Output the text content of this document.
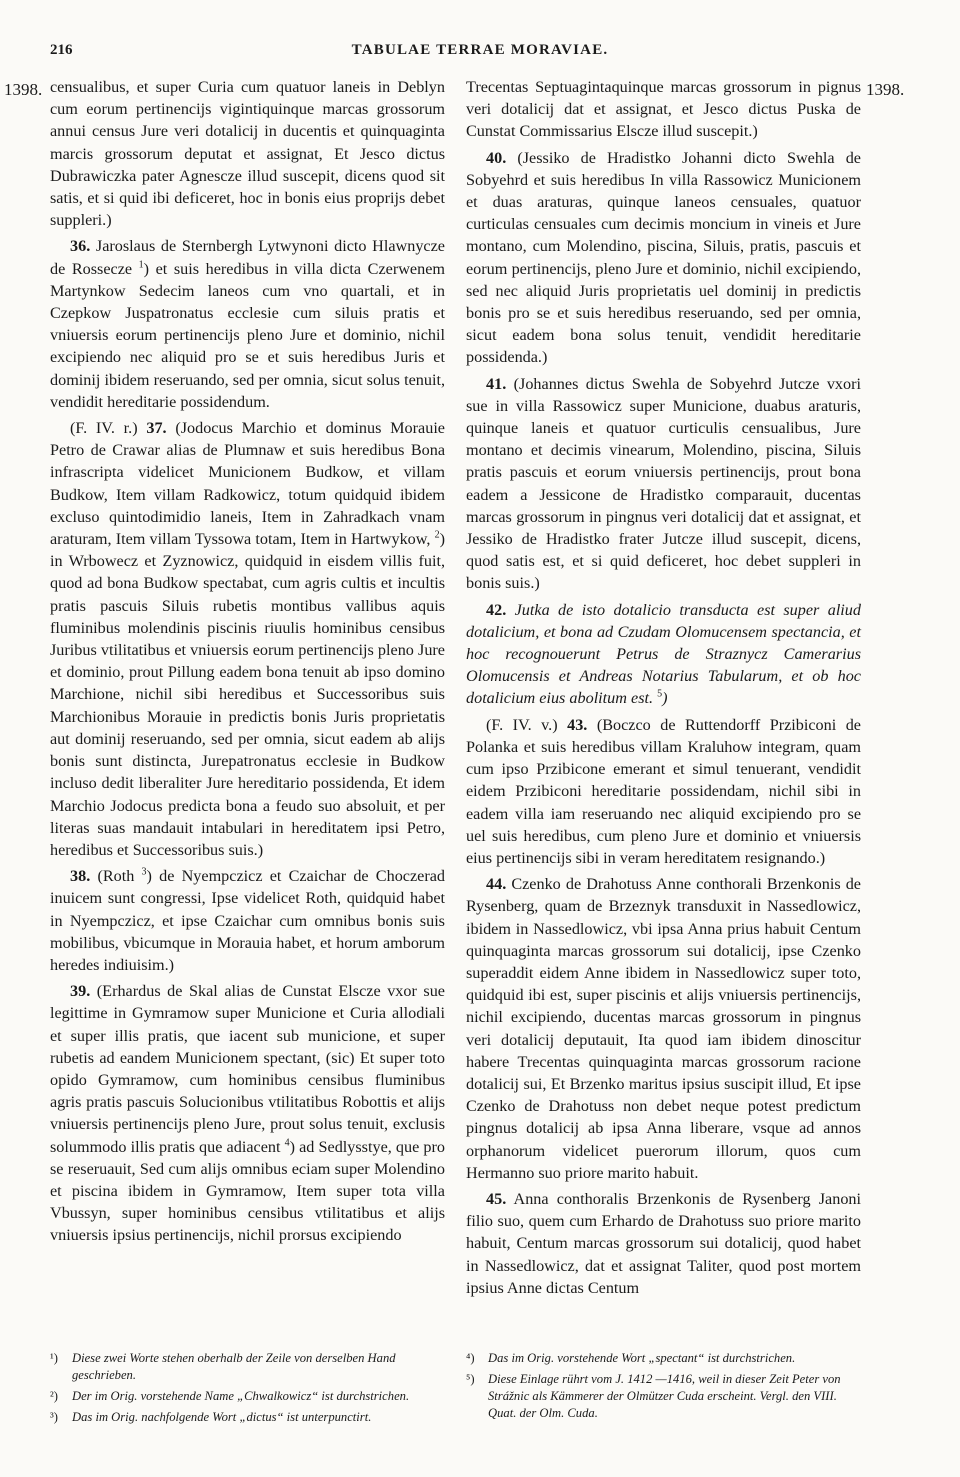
216	TABULAE TERRAE MORAVIAE.
1398.	1398.

censualibus, et super Curia cum quatuor laneis in Deblyn cum eorum pertinencijs vigintiquinque marcas grossorum annui census Jure veri dotalicij in ducentis et quinquaginta marcis grossorum deputat et assignat, Et Jesco dictus Dubrawiczka pater Agnescze illud suscepit, dicens quod sit satis, et si quid ibi deficeret, hoc in bonis eius proprijs debet suppleri.)

36. Jaroslaus de Sternbergh Lytwynoni dicto Hlawnycze de Rossecze $^1$) et suis heredibus in villa dicta Czerwenem Martynkow Sedecim laneos cum vno quartali, et in Czepkow Juspatronatus ecclesie cum siluis pratis et vniuersis eorum pertinencijs pleno Jure et dominio, nichil excipiendo nec aliquid pro se et suis heredibus Juris et dominij ibidem reseruando, sed per omnia, sicut solus tenuit, vendidit hereditarie possidendum.

(F. IV. r.) 37. (Jodocus Marchio et dominus Morauie Petro de Crawar alias de Plumnaw et suis heredibus Bona infrascripta videlicet Municionem Budkow, et villam Budkow, Item villam Radkowicz, totum quidquid ibidem excluso quintodimidio laneis, Item in Zahradkach vnam araturam, Item villam Tyssowa totam, Item in Hartwykow, $^2$) in Wrbowecz et Zyznowicz, quidquid in eisdem villis fuit, quod ad bona Budkow spectabat, cum agris cultis et incultis pratis pascuis Siluis rubetis montibus vallibus aquis fluminibus molendinis piscinis riuulis hominibus censibus Juribus vtilitatibus et vniuersis eorum pertinencijs pleno Jure et dominio, prout Pillung eadem bona tenuit ab ipso domino Marchione, nichil sibi heredibus et Successoribus suis Marchionibus Morauie in predictis bonis Juris proprietatis aut dominij reseruando, sed per omnia, sicut eadem ab alijs bonis sunt distincta, Jurepatronatus ecclesie in Budkow incluso dedit liberaliter Jure hereditario possidenda, Et idem Marchio Jodocus predicta bona a feudo suo absoluit, et per literas suas mandauit intabulari in hereditatem ipsi Petro, heredibus et Successoribus suis.)

38. (Roth $^3$) de Nyempczicz et Czaichar de Choczerad inuicem sunt congressi, Ipse videlicet Roth, quidquid habet in Nyempczicz, et ipse Czaichar cum omnibus bonis suis mobilibus, vbicumque in Morauia habet, et horum amborum heredes indiuisim.)

39. (Erhardus de Skal alias de Cunstat Elscze vxor sue legittime in Gymramow super Municione et Curia allodiali et super illis pratis, que iacent sub municione, et super rubetis ad eandem Municionem spectant, (sic) Et super toto opido Gymramow, cum hominibus censibus fluminibus agris pratis pascuis Solucionibus vtilitatibus Robottis et alijs vniuersis pertinencijs pleno Jure, prout solus tenuit, exclusis solummodo illis pratis que adiacent $^4$) ad Sedlysstye, que pro se reseruauit, Sed cum alijs omnibus eciam super Molendino et piscina ibidem in Gymramow, Item super tota villa Vbussyn, super hominibus censibus vtilitatibus et alijs vniuersis ipsius pertinencijs, nichil prorsus excipiendo

Trecentas Septuagintaquinque marcas grossorum in pignus veri dotalicij dat et assignat, et Jesco dictus Puska de Cunstat Commissarius Elscze illud suscepit.)

40. (Jessiko de Hradistko Johanni dicto Swehla de Sobyehrd et suis heredibus In villa Rassowicz Municionem et duas araturas, quinque laneos censuales, quatuor curticulas censuales cum decimis moncium in vineis et Jure montano, cum Molendino, piscina, Siluis, pratis, pascuis et eorum pertinencijs, pleno Jure et dominio, nichil excipiendo, sed nec aliquid Juris proprietatis uel dominij in predictis bonis pro se et suis heredibus reseruando, sed per omnia, sicut eadem bona solus tenuit, vendidit hereditarie possidenda.)

41. (Johannes dictus Swehla de Sobyehrd Jutcze vxori sue in villa Rassowicz super Municione, duabus araturis, quinque laneis et quatuor curticulis censualibus, Jure montano et decimis vinearum, Molendino, piscina, Siluis pratis pascuis et eorum vniuersis pertinencijs, prout bona eadem a Jessicone de Hradistko comparauit, ducentas marcas grossorum in pingnus veri dotalicij dat et assignat, et Jessiko de Hradistko frater Jutcze illud suscepit, dicens, quod satis est, et si quid deficeret, hoc debet suppleri in bonis suis.)

42. Jutka de isto dotalicio transducta est super aliud dotalicium, et bona ad Czudam Olomucensem spectancia, et hoc recognouerunt Petrus de Straznycz Camerarius Olomucensis et Andreas Notarius Tabularum, et ob hoc dotalicium eius abolitum est. $^5$)

(F. IV. v.) 43. (Boczco de Ruttendorff Przibiconi de Polanka et suis heredibus villam Kraluhow integram, quam cum ipso Przibicone emerant et simul tenuerant, vendidit eidem Przibiconi hereditarie possidendam, nichil sibi in eadem villa iam reseruando nec aliquid excipiendo pro se uel suis heredibus, cum pleno Jure et dominio et vniuersis eius pertinencijs sibi in veram hereditatem resignando.)

44. Czenko de Drahotuss Anne conthorali Brzenkonis de Rysenberg, quam de Brzeznyk transduxit in Nassedlowicz, ibidem in Nassedlowicz, vbi ipsa Anna prius habuit Centum quinquaginta marcas grossorum sui dotalicij, ipse Czenko superaddit eidem Anne ibidem in Nassedlowicz super toto, quidquid ibi est, super piscinis et alijs vniuersis pertinencijs, nichil excipiendo, ducentas marcas grossorum in pingnus veri dotalicij deputauit, Ita quod iam ibidem dinoscitur habere Trecentas quinquaginta marcas grossorum racione dotalicij sui, Et Brzenko maritus ipsius suscipit illud, Et ipse Czenko de Drahotuss non debet neque potest predictum pingnus dotalicij ab ipsa Anna liberare, vsque ad annos orphanorum videlicet puerorum illorum, quos cum Hermanno suo priore marito habuit.

45. Anna conthoralis Brzenkonis de Rysenberg Janoni filio suo, quem cum Erhardo de Drahotuss suo priore marito habuit, Centum marcas grossorum sui dotalicij, quod habet in Nassedlowicz, dat et assignat Taliter, quod post mortem ipsius Anne dictas Centum

¹) Diese zwei Worte stehen oberhalb der Zeile von derselben Hand geschrieben.
²) Der im Orig. vorstehende Name „Chwalkowicz“ ist durchstrichen.
³) Das im Orig. nachfolgende Wort „dictus“ ist unterpunctirt.
⁴) Das im Orig. vorstehende Wort „spectant“ ist durchstrichen.
⁵) Diese Einlage rührt vom J. 1412 —1416, weil in dieser Zeit Peter von Strážnic als Kämmerer der Olmützer Cuda erscheint. Vergl. den VIII. Quat. der Olm. Cuda.
